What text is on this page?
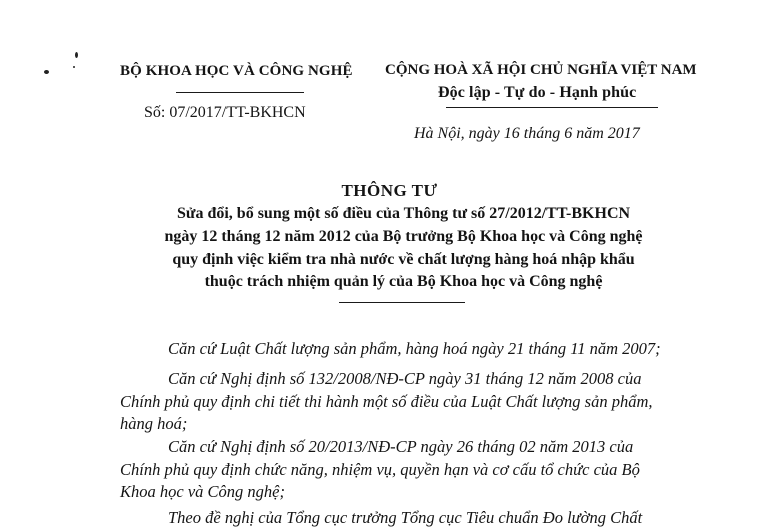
BỘ KHOA HỌC VÀ CÔNG NGHỆ
Số: 07/2017/TT-BKHCN
CỘNG HOÀ XÃ HỘI CHỦ NGHĨA VIỆT NAM
Độc lập - Tự do - Hạnh phúc
Hà Nội, ngày 16 tháng 6 năm 2017
THÔNG TƯ
Sửa đổi, bổ sung một số điều của Thông tư số 27/2012/TT-BKHCN
ngày 12 tháng 12 năm 2012 của Bộ trưởng Bộ Khoa học và Công nghệ
quy định việc kiểm tra nhà nước về chất lượng hàng hoá nhập khẩu
thuộc trách nhiệm quản lý của Bộ Khoa học và Công nghệ
Căn cứ Luật Chất lượng sản phẩm, hàng hoá ngày 21 tháng 11 năm 2007;
Căn cứ Nghị định số 132/2008/NĐ-CP ngày 31 tháng 12 năm 2008 của
Chính phủ quy định chi tiết thi hành một số điều của Luật Chất lượng sản phẩm,
hàng hoá;
Căn cứ Nghị định số 20/2013/NĐ-CP ngày 26 tháng 02 năm 2013 của
Chính phủ quy định chức năng, nhiệm vụ, quyền hạn và cơ cấu tổ chức của Bộ
Khoa học và Công nghệ;
Theo đề nghị của Tổng cục trưởng Tổng cục Tiêu chuẩn Đo lường Chất
